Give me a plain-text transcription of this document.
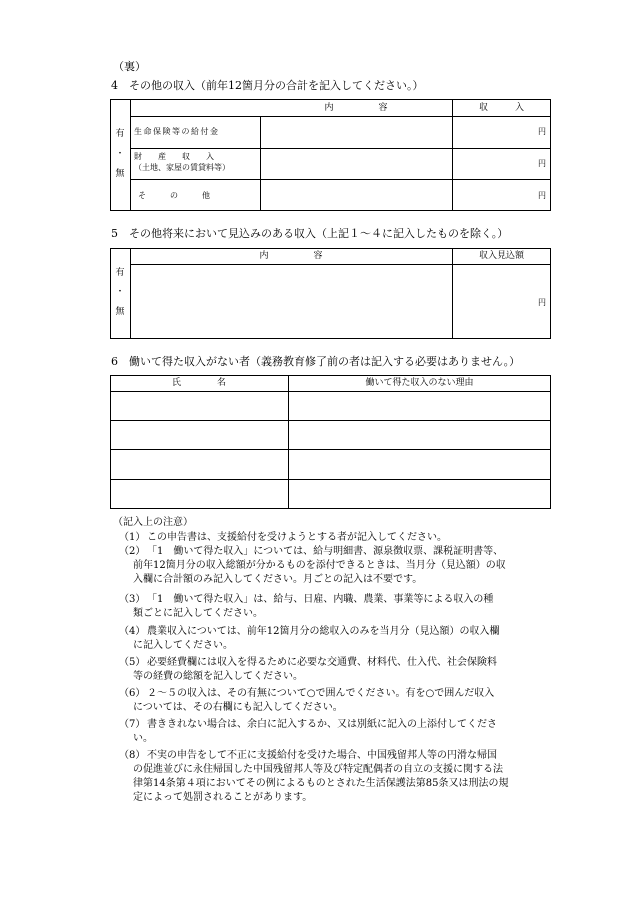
（裏）
4　その他の収入（前年12箇月分の合計を記入してください。）
内　　　　　容	収　　　入
有
・
無
生命保険等の給付金	円
財　　産　　収　　入
（土地、家屋の賃貸料等）	円
そ　　　の　　　他	円
5　その他将来において見込みのある収入（上記１～４に記入したものを除く。）
内　　　　　容	収入見込額
有
・
無
円
6　働いて得た収入がない者（義務教育修了前の者は記入する必要はありません。）
氏　　　　名	働いて得た収入のない理由
（記入上の注意）
（1） この申告書は、支援給付を受けようとする者が記入してください。
（2） 「1　働いて得た収入」については、給与明細書、源泉徴収票、課税証明書等、
前年12箇月分の収入総額が分かるものを添付できるときは、当月分（見込額）の収
入欄に合計額のみ記入してください。月ごとの記入は不要です。
（3） 「1　働いて得た収入」は、給与、日雇、内職、農業、事業等による収入の種
類ごとに記入してください。
（4） 農業収入については、前年12箇月分の総収入のみを当月分（見込額）の収入欄
に記入してください。
（5） 必要経費欄には収入を得るために必要な交通費、材料代、仕入代、社会保険料
等の経費の総額を記入してください。
（6） ２～５の収入は、その有無について○で囲んでください。有を○で囲んだ収入
については、その右欄にも記入してください。
（7） 書ききれない場合は、余白に記入するか、又は別紙に記入の上添付してくださ
い。
（8） 不実の申告をして不正に支援給付を受けた場合、中国残留邦人等の円滑な帰国
の促進並びに永住帰国した中国残留邦人等及び特定配偶者の自立の支援に関する法
律第14条第４項においてその例によるものとされた生活保護法第85条又は刑法の規
定によって処罰されることがあります。
